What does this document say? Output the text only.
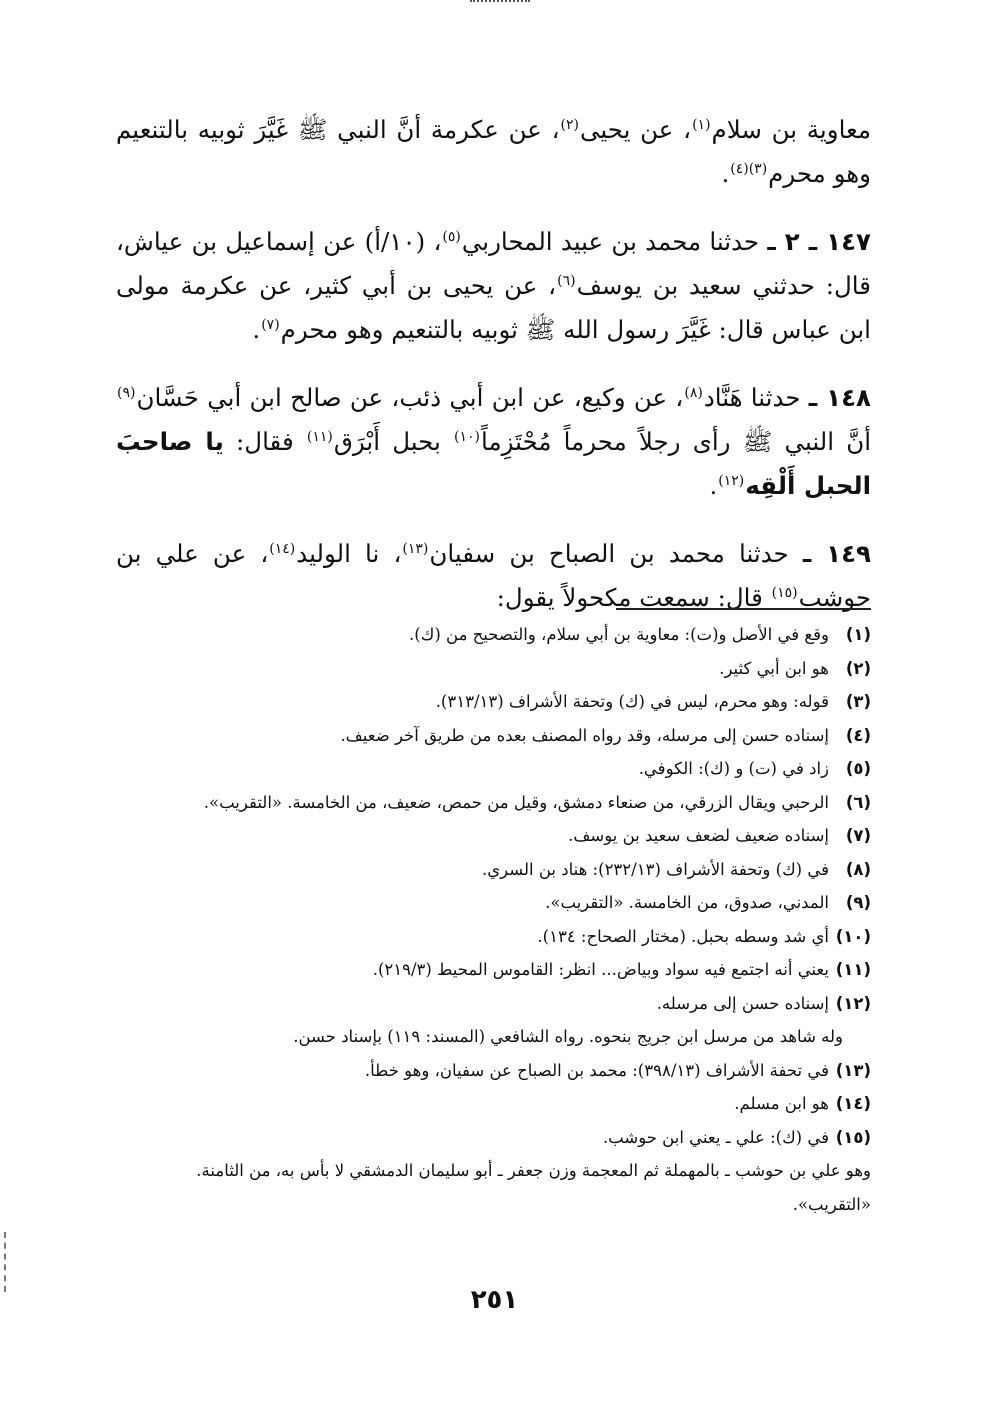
معاوية بن سلام$^{(١)}$، عن يحيى$^{(٢)}$، عن عكرمة أنَّ النبي ﷺ غَيَّرَ ثوبيه بالتنعيم وهو محرم$^{(٣)(٤)}$.

١٤٧ ـ ٢ ـ حدثنا محمد بن عبيد المحاربي$^{(٥)}$، (١٠/أ) عن إسماعيل بن عياش، قال: حدثني سعيد بن يوسف$^{(٦)}$، عن يحيى بن أبي كثير، عن عكرمة مولى ابن عباس قال: غَيَّرَ رسول الله ﷺ ثوبيه بالتنعيم وهو محرم$^{(٧)}$.

١٤٨ ـ حدثنا هَنَّاد$^{(٨)}$، عن وكيع، عن ابن أبي ذئب، عن صالح ابن أبي حَسَّان$^{(٩)}$ أنَّ النبي ﷺ رأى رجلاً محرماً مُحْتَزِماً$^{(١٠)}$ بحبل أَبْرَق$^{(١١)}$ فقال: يا صاحبَ الحبل أَلْقِه$^{(١٢)}$.

١٤٩ ـ حدثنا محمد بن الصباح بن سفيان$^{(١٣)}$، نا الوليد$^{(١٤)}$، عن علي بن حوشب$^{(١٥)}$ قال: سمعت مكحولاً يقول:

(١)
وقع في الأصل و(ت): معاوية بن أبي سلام، والتصحيح من (ك).
(٢)
هو ابن أبي كثير.
(٣)
قوله: وهو محرم، ليس في (ك) وتحفة الأشراف (٣١٣/١٣).
(٤)
إسناده حسن إلى مرسله، وقد رواه المصنف بعده من طريق آخر ضعيف.
(٥)
زاد في (ت) و (ك): الكوفي.
(٦)
الرحبي ويقال الزرقي، من صنعاء دمشق، وقيل من حمص، ضعيف، من الخامسة. «التقريب».
(٧)
إسناده ضعيف لضعف سعيد بن يوسف.
(٨)
في (ك) وتحفة الأشراف (٢٣٢/١٣): هناد بن السري.
(٩)
المدني، صدوق، من الخامسة. «التقريب».
(١٠)
أي شد وسطه بحبل. (مختار الصحاح: ١٣٤).
(١١)
يعني أنه اجتمع فيه سواد وبياض... انظر: القاموس المحيط (٢١٩/٣).
(١٢)
إسناده حسن إلى مرسله.
وله شاهد من مرسل ابن جريج بنحوه. رواه الشافعي (المسند: ١١٩) بإسناد حسن.
(١٣)
في تحفة الأشراف (٣٩٨/١٣): محمد بن الصباح عن سفيان، وهو خطأ.
(١٤)
هو ابن مسلم.
(١٥)
في (ك): علي ـ يعني ابن حوشب.
وهو علي بن حوشب ـ بالمهملة ثم المعجمة وزن جعفر ـ أبو سليمان الدمشقي لا بأس به، من الثامنة. «التقريب».
٢٥١
